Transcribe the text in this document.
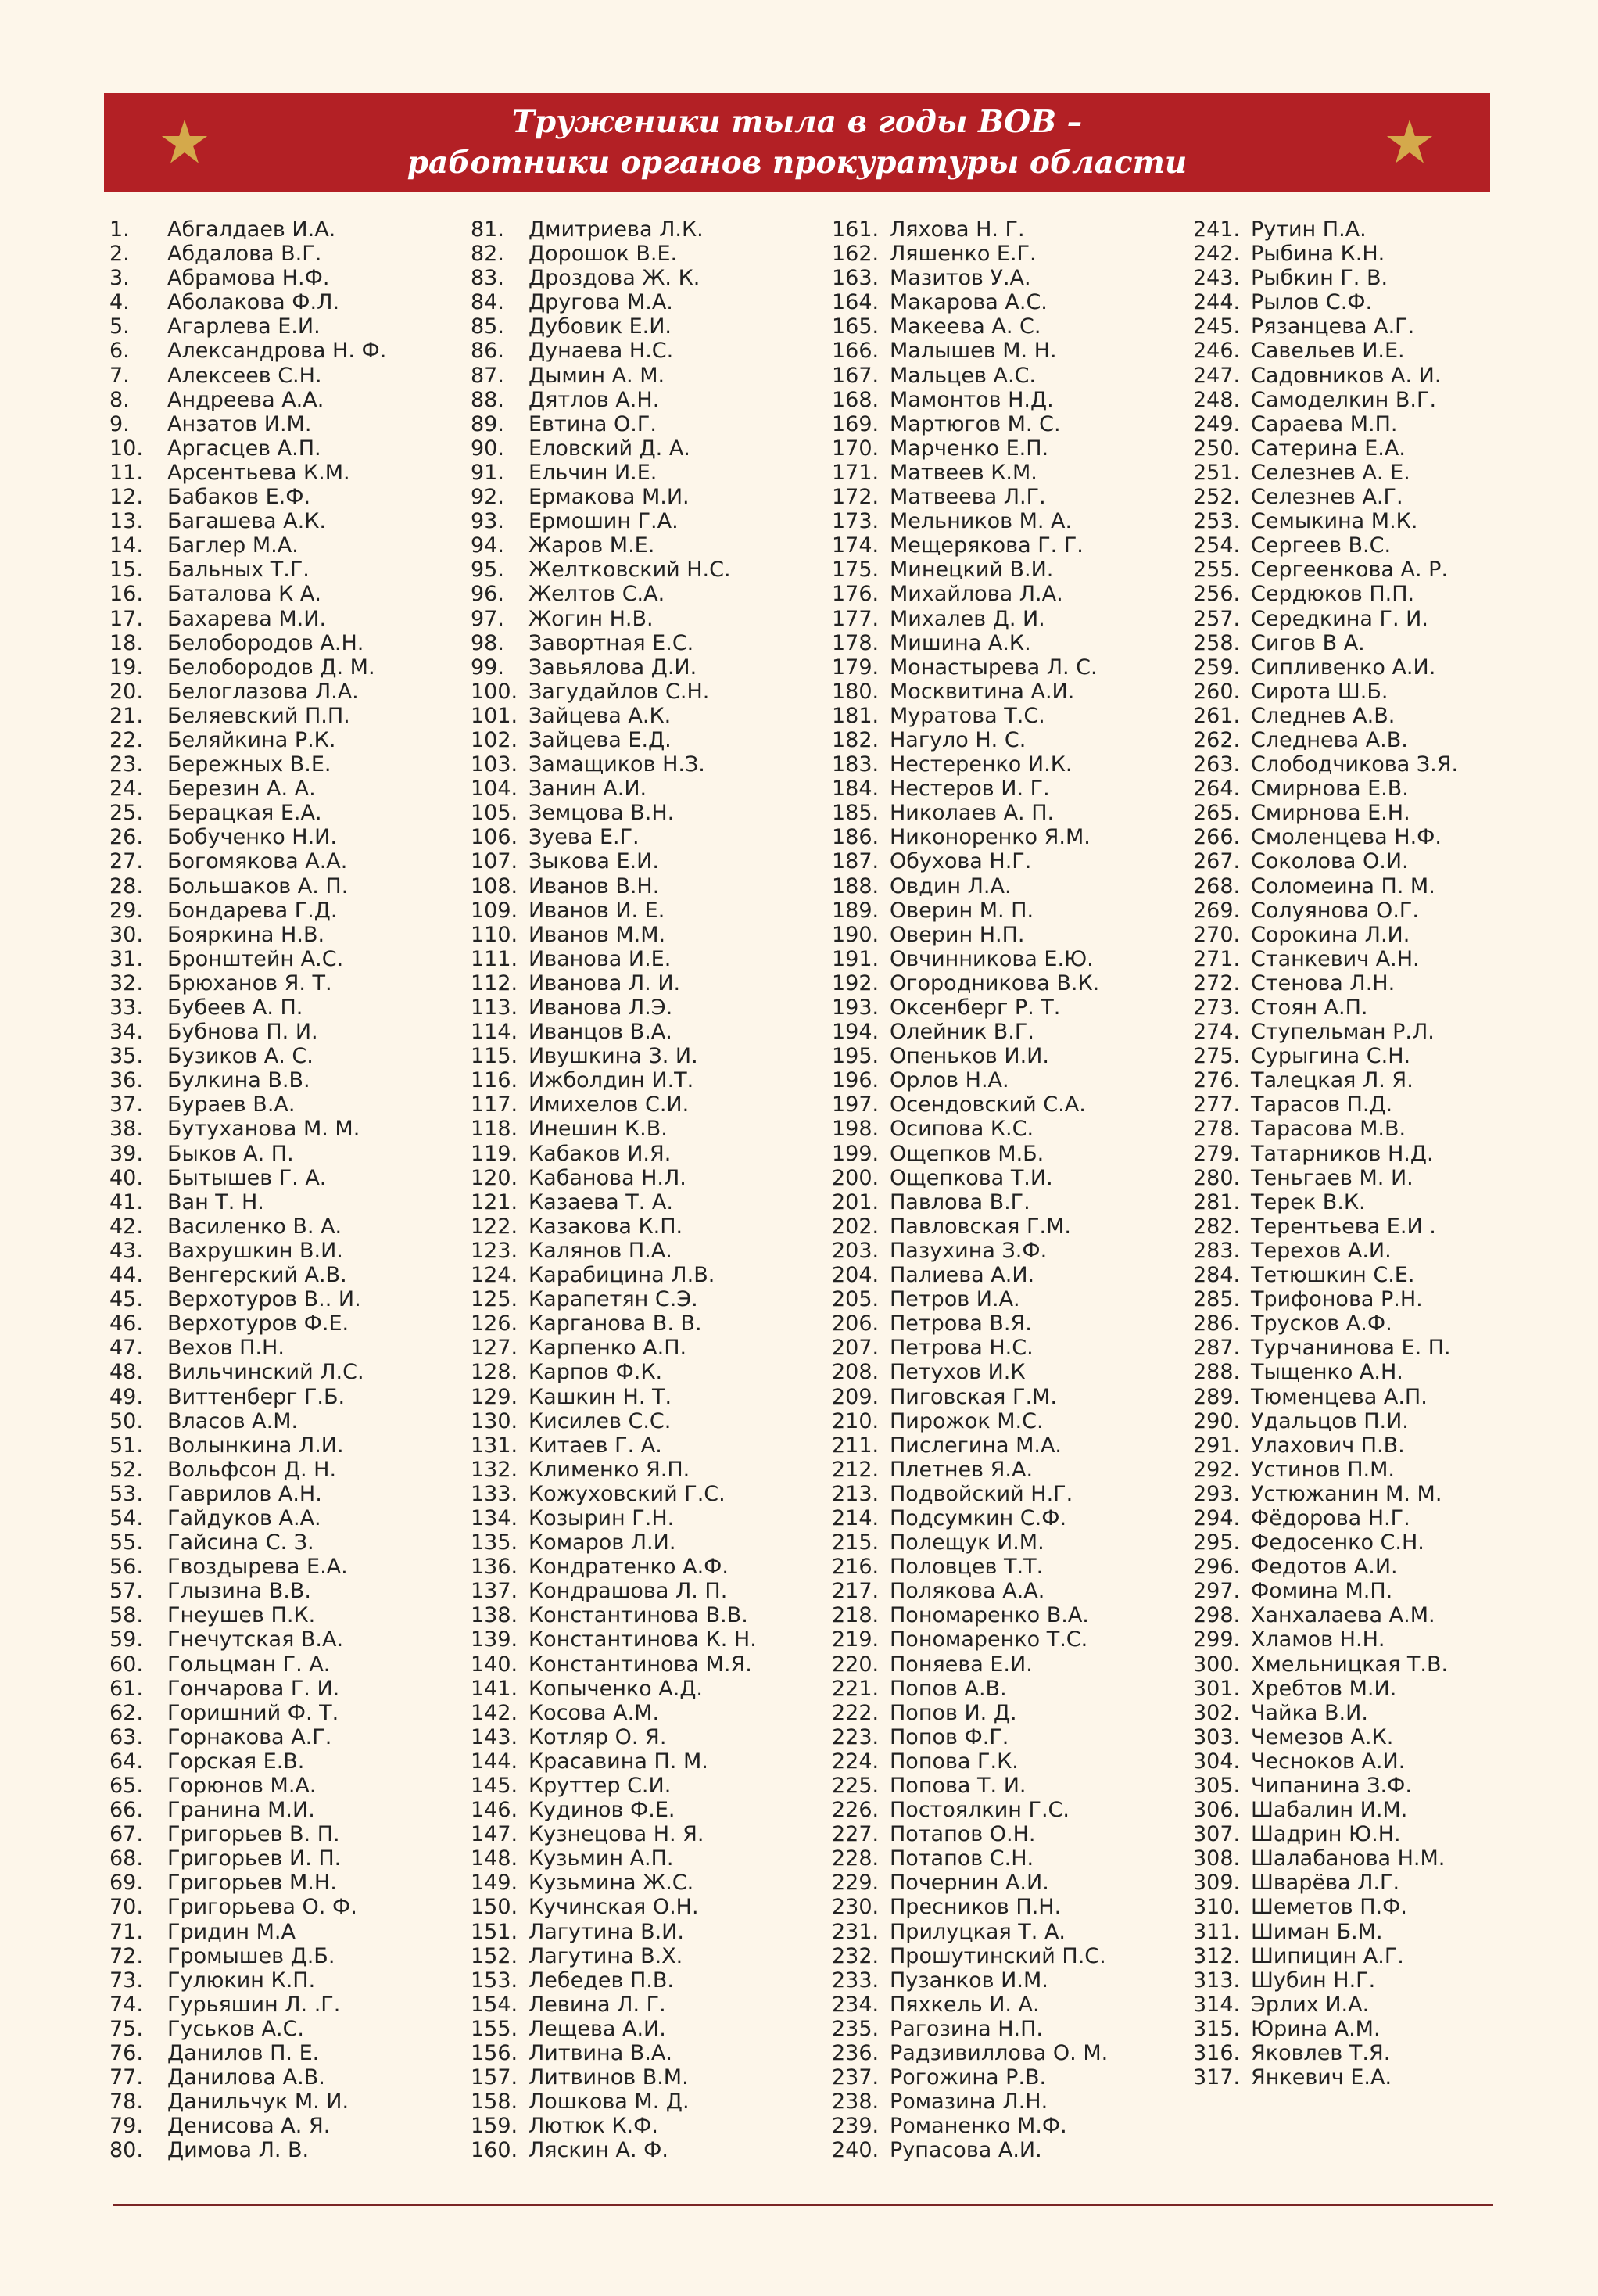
Труженики тыла в годы ВОВ –
работники органов прокуратуры области
1.	Абгалдаев И.А.
2.	Абдалова В.Г.
3.	Абрамова Н.Ф.
4.	Аболакова Ф.Л.
5.	Агарлева Е.И.
6.	Александрова Н. Ф.
7.	Алексеев С.Н.
8.	Андреева А.А.
9.	Анзатов И.М.
10.	Аргасцев А.П.
11.	Арсентьева К.М.
12.	Бабаков Е.Ф.
13.	Багашева А.К.
14.	Баглер М.А.
15.	Бальных Т.Г.
16.	Баталова К А.
17.	Бахарева М.И.
18.	Белобородов А.Н.
19.	Белобородов Д. М.
20.	Белоглазова Л.А.
21.	Беляевский П.П.
22.	Беляйкина Р.К.
23.	Бережных В.Е.
24.	Березин А. А.
25.	Берацкая Е.А.
26.	Бобученко Н.И.
27.	Богомякова А.А.
28.	Большаков А. П.
29.	Бондарева Г.Д.
30.	Бояркина Н.В.
31.	Бронштейн А.С.
32.	Брюханов Я. Т.
33.	Бубеев А. П.
34.	Бубнова П. И.
35.	Бузиков А. С.
36.	Булкина В.В.
37.	Бураев В.А.
38.	Бутуханова М. М.
39.	Быков А. П.
40.	Бытышев Г. А.
41.	Ван Т. Н.
42.	Василенко В. А.
43.	Вахрушкин В.И.
44.	Венгерский А.В.
45.	Верхотуров В.. И.
46.	Верхотуров Ф.Е.
47.	Вехов П.Н.
48.	Вильчинский Л.С.
49.	Виттенберг Г.Б.
50.	Власов А.М.
51.	Волынкина Л.И.
52.	Вольфсон Д. Н.
53.	Гаврилов А.Н.
54.	Гайдуков А.А.
55.	Гайсина С. З.
56.	Гвоздырева Е.А.
57.	Глызина В.В.
58.	Гнеушев П.К.
59.	Гнечутская В.А.
60.	Гольцман Г. А.
61.	Гончарова Г. И.
62.	Горишний Ф. Т.
63.	Горнакова А.Г.
64.	Горская Е.В.
65.	Горюнов М.А.
66.	Гранина М.И.
67.	Григорьев В. П.
68.	Григорьев И. П.
69.	Григорьев М.Н.
70.	Григорьева О. Ф.
71.	Гридин М.А
72.	Громышев Д.Б.
73.	Гулюкин К.П.
74.	Гурьяшин Л. .Г.
75.	Гуськов А.С.
76.	Данилов П. Е.
77.	Данилова А.В.
78.	Данильчук М. И.
79.	Денисова А. Я.
80.	Димова Л. В.
81.	Дмитриева Л.К.
82.	Дорошок В.Е.
83.	Дроздова Ж. К.
84.	Другова М.А.
85.	Дубовик Е.И.
86.	Дунаева Н.С.
87.	Дымин А. М.
88.	Дятлов А.Н.
89.	Евтина О.Г.
90.	Еловский Д. А.
91.	Ельчин И.Е.
92.	Ермакова М.И.
93.	Ермошин Г.А.
94.	Жаров М.Е.
95.	Желтковский Н.С.
96.	Желтов С.А.
97.	Жогин Н.В.
98.	Завортная Е.С.
99.	Завьялова Д.И.
100. Загудайлов С.Н.
101. Зайцева А.К.
102. Зайцева Е.Д.
103. Замащиков Н.З.
104. Занин А.И.
105. Земцова В.Н.
106. Зуева Е.Г.
107. Зыкова Е.И.
108. Иванов В.Н.
109. Иванов И. Е.
110. Иванов М.М.
111. Иванова И.Е.
112. Иванова Л. И.
113. Иванова Л.Э.
114. Иванцов В.А.
115. Ивушкина З. И.
116. Ижболдин И.Т.
117. Имихелов С.И.
118. Инешин К.В.
119. Кабаков И.Я.
120. Кабанова Н.Л.
121. Казаева Т. А.
122. Казакова К.П.
123. Калянов П.А.
124. Карабицина Л.В.
125. Карапетян С.Э.
126. Карганова В. В.
127. Карпенко А.П.
128. Карпов Ф.К.
129. Кашкин Н. Т.
130. Кисилев С.С.
131. Китаев Г. А.
132. Клименко Я.П.
133. Кожуховский Г.С.
134. Козырин Г.Н.
135. Комаров Л.И.
136. Кондратенко А.Ф.
137. Кондрашова Л. П.
138. Константинова В.В.
139. Константинова К. Н.
140. Константинова М.Я.
141. Копыченко А.Д.
142. Косова А.М.
143. Котляр О. Я.
144. Красавина П. М.
145. Круттер С.И.
146. Кудинов Ф.Е.
147. Кузнецова Н. Я.
148. Кузьмин А.П.
149. Кузьмина Ж.С.
150. Кучинская О.Н.
151. Лагутина В.И.
152. Лагутина В.Х.
153. Лебедев П.В.
154. Левина Л. Г.
155. Лещева А.И.
156. Литвина В.А.
157. Литвинов В.М.
158. Лошкова М. Д.
159. Лютюк К.Ф.
160. Ляскин А. Ф.
161. Ляхова Н. Г.
162. Ляшенко Е.Г.
163. Мазитов У.А.
164. Макарова А.С.
165. Макеева А. С.
166. Малышев М. Н.
167. Мальцев А.С.
168. Мамонтов Н.Д.
169. Мартюгов М. С.
170. Марченко Е.П.
171. Матвеев К.М.
172. Матвеева Л.Г.
173. Мельников М. А.
174. Мещерякова Г. Г.
175. Минецкий В.И.
176. Михайлова Л.А.
177. Михалев Д. И.
178. Мишина А.К.
179. Монастырева Л. С.
180. Москвитина А.И.
181. Муратова Т.С.
182. Нагуло Н. С.
183. Нестеренко И.К.
184. Нестеров И. Г.
185. Николаев А. П.
186. Никоноренко Я.М.
187. Обухова Н.Г.
188. Овдин Л.А.
189. Оверин М. П.
190. Оверин Н.П.
191. Овчинникова Е.Ю.
192. Огородникова В.К.
193. Оксенберг Р. Т.
194. Олейник В.Г.
195. Опеньков И.И.
196. Орлов Н.А.
197. Осендовский С.А.
198. Осипова К.С.
199. Ощепков М.Б.
200. Ощепкова Т.И.
201. Павлова В.Г.
202. Павловская Г.М.
203. Пазухина З.Ф.
204. Палиева А.И.
205. Петров И.А.
206. Петрова В.Я.
207. Петрова Н.С.
208. Петухов И.К
209. Пиговская Г.М.
210. Пирожок М.С.
211. Пислегина М.А.
212. Плетнев Я.А.
213. Подвойский Н.Г.
214. Подсумкин С.Ф.
215. Полещук И.М.
216. Половцев Т.Т.
217. Полякова А.А.
218. Пономаренко В.А.
219. Пономаренко Т.С.
220. Поняева Е.И.
221. Попов А.В.
222. Попов И. Д.
223. Попов Ф.Г.
224. Попова Г.К.
225. Попова Т. И.
226. Постоялкин Г.С.
227. Потапов О.Н.
228. Потапов С.Н.
229. Почернин А.И.
230. Пресников П.Н.
231. Прилуцкая Т. А.
232. Прошутинский П.С.
233. Пузанков И.М.
234. Пяхкель И. А.
235. Рагозина Н.П.
236. Радзивиллова О. М.
237. Рогожина Р.В.
238. Ромазина Л.Н.
239. Романенко М.Ф.
240. Рупасова А.И.
241. Рутин П.А.
242. Рыбина К.Н.
243. Рыбкин Г. В.
244. Рылов С.Ф.
245. Рязанцева А.Г.
246. Савельев И.Е.
247. Садовников А. И.
248. Самоделкин В.Г.
249. Сараева М.П.
250. Сатерина Е.А.
251. Селезнев А. Е.
252. Селезнев А.Г.
253. Семыкина М.К.
254. Сергеев В.С.
255. Сергеенкова А. Р.
256. Сердюков П.П.
257. Середкина Г. И.
258. Сигов В А.
259. Сипливенко А.И.
260. Сирота Ш.Б.
261. Следнев А.В.
262. Следнева А.В.
263. Слободчикова З.Я.
264. Смирнова Е.В.
265. Смирнова Е.Н.
266. Смоленцева Н.Ф.
267. Соколова О.И.
268. Соломеина П. М.
269. Солуянова О.Г.
270. Сорокина Л.И.
271. Станкевич А.Н.
272. Стенова Л.Н.
273. Стоян А.П.
274. Ступельман Р.Л.
275. Сурыгина С.Н.
276. Талецкая Л. Я.
277. Тарасов П.Д.
278. Тарасова М.В.
279. Татарников Н.Д.
280. Теньгаев М. И.
281. Терек В.К.
282. Терентьева Е.И .
283. Терехов А.И.
284. Тетюшкин С.Е.
285. Трифонова Р.Н.
286. Трусков А.Ф.
287. Турчанинова Е. П.
288. Тыщенко А.Н.
289. Тюменцева А.П.
290. Удальцов П.И.
291. Улахович П.В.
292. Устинов П.М.
293. Устюжанин М. М.
294. Фёдорова Н.Г.
295. Федосенко С.Н.
296. Федотов А.И.
297. Фомина М.П.
298. Ханхалаева А.М.
299. Хламов Н.Н.
300. Хмельницкая Т.В.
301. Хребтов М.И.
302. Чайка В.И.
303. Чемезов А.К.
304. Чесноков А.И.
305. Чипанина З.Ф.
306. Шабалин И.М.
307. Шадрин Ю.Н.
308. Шалабанова Н.М.
309. Шварёва Л.Г.
310. Шеметов П.Ф.
311. Шиман Б.М.
312. Шипицин А.Г.
313. Шубин Н.Г.
314. Эрлих И.А.
315. Юрина А.М.
316. Яковлев Т.Я.
317. Янкевич Е.А.
